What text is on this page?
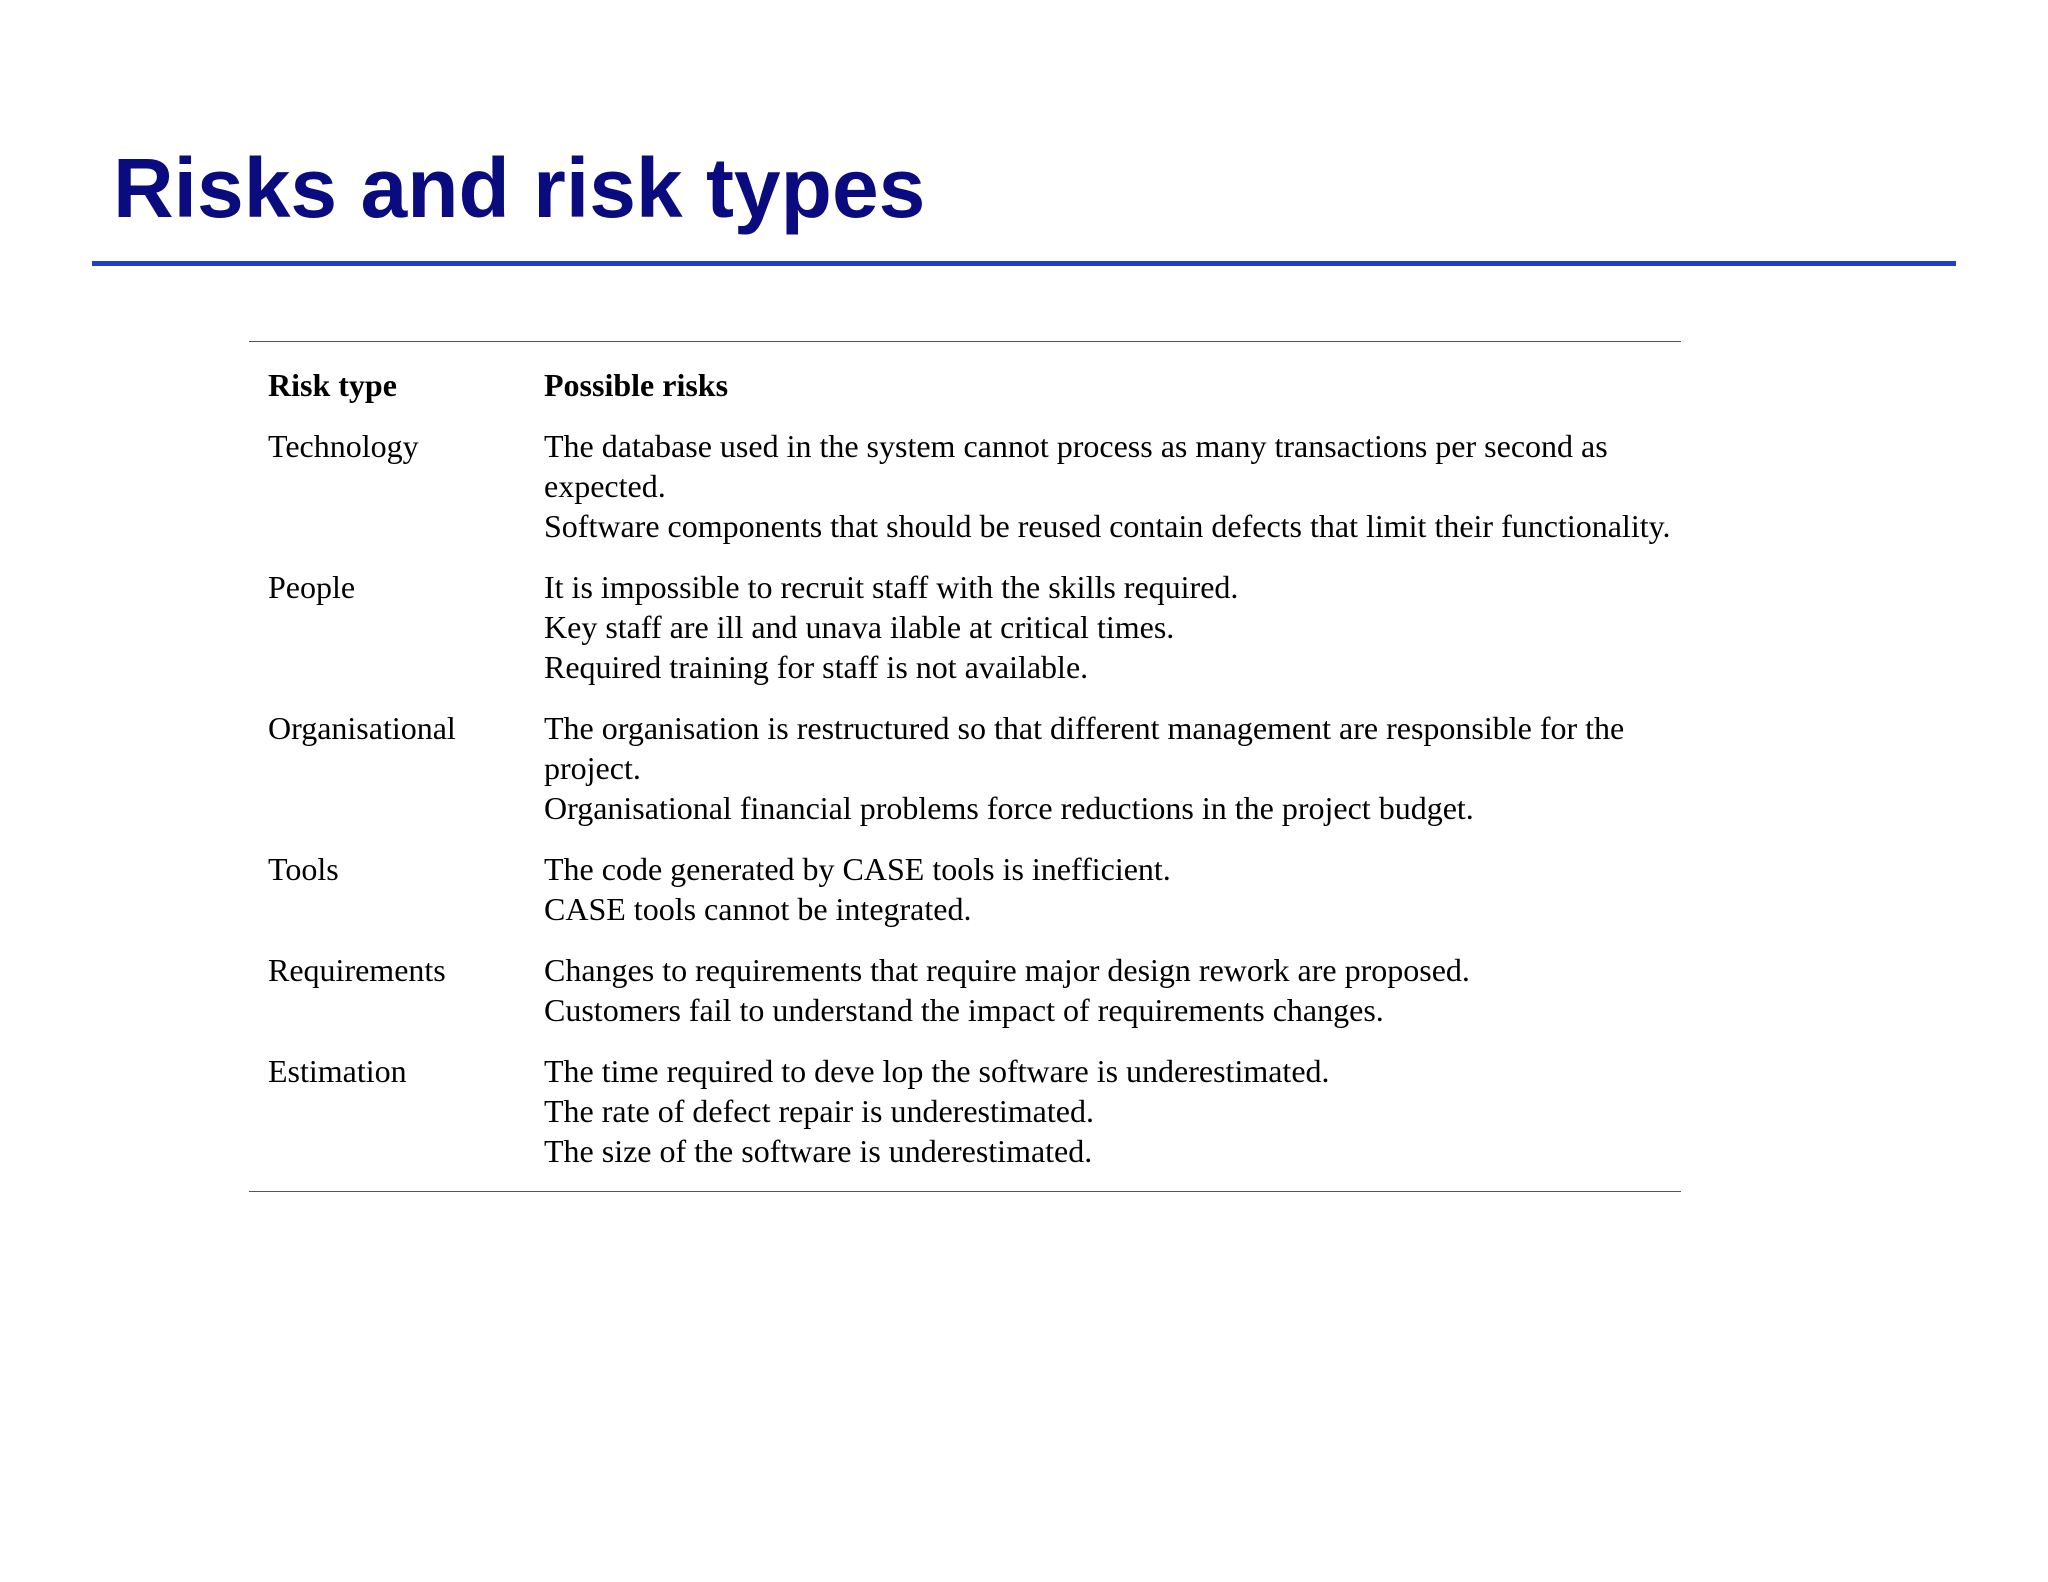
Risks and risk types
Risk type	Possible risks
Technology	The database used in the system cannot process as many transactions per second as expected.
Software components that should be reused contain defects that limit their functionality.

People	It is impossible to recruit staff with the skills required.
Key staff are ill and unava ilable at critical times.
Required training for staff is not available.

Organisational	The organisation is restructured so that different management are responsible for the project.
Organisational financial problems force reductions in the project budget.

Tools	The code generated by CASE tools is inefficient.
CASE tools cannot be integrated.

Requirements	Changes to requirements that require major design rework are proposed.
Customers fail to understand the impact of requirements changes.

Estimation	The time required to deve lop the software is underestimated.
The rate of defect repair is underestimated.
The size of the software is underestimated.
